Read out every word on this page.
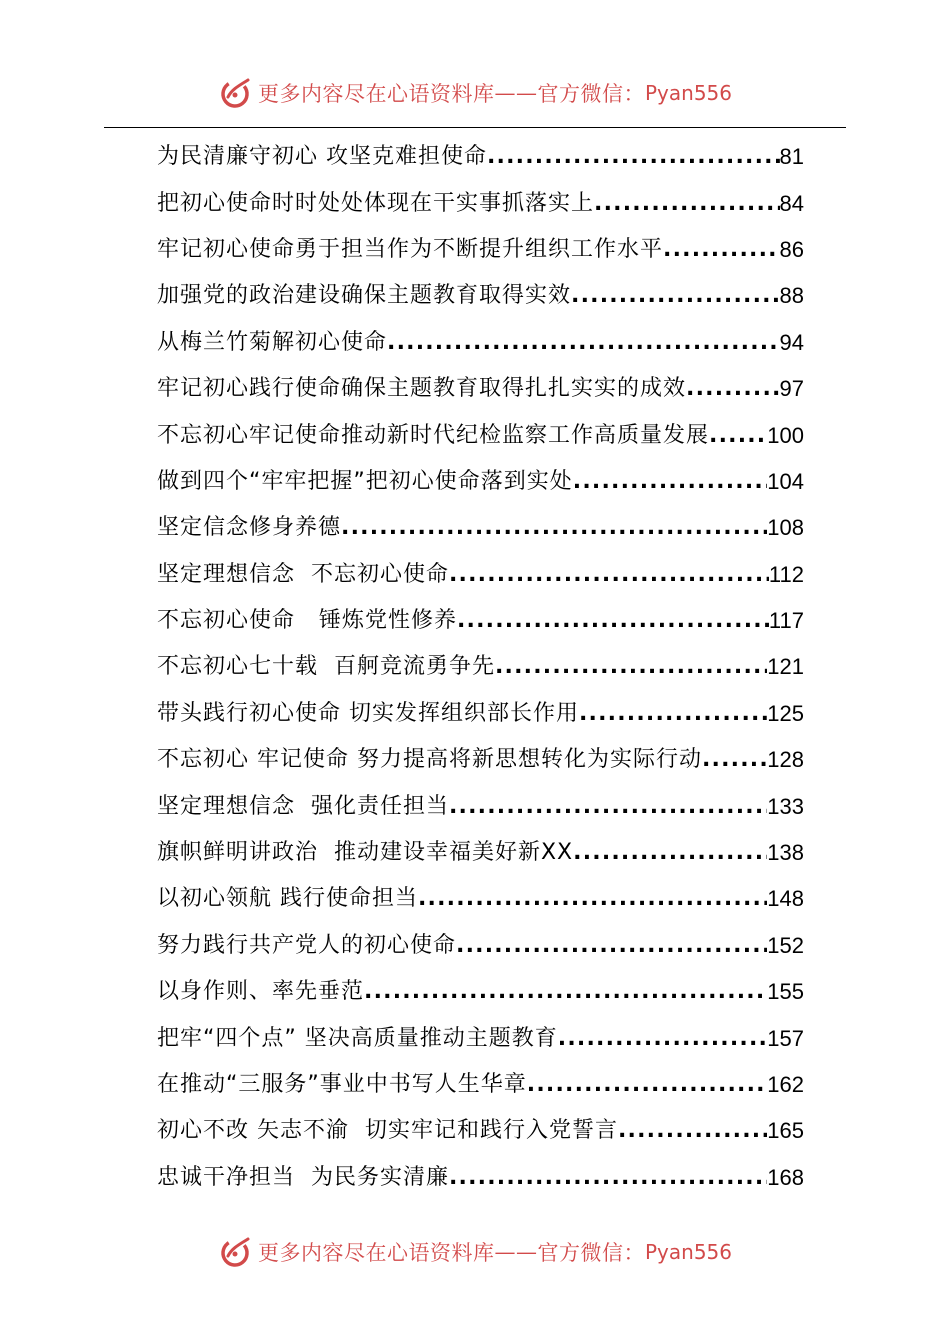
更多内容尽在心语资料库 —— 官方微信： Pyan556
为民清廉守初心 攻坚克难担使命 .....	81
把初心使命时时处处体现在干实事抓落实上 .....	84
牢记初心使命勇于担当作为不断提升组织工作水平 .....	86
加强党的政治建设确保主题教育取得实效 .....	88
从梅兰竹菊解初心使命 .....	94
牢记初心践行使命确保主题教育取得扎扎实实的成效 .....	97
不忘初心牢记使命推动新时代纪检监察工作高质量发展 .....	100
做到四个“牢牢把握”把初心使命落到实处 .....	104
坚定信念修身养德 .....	108
坚定理想信念  不忘初心使命 .....	112
不忘初心使命   锤炼党性修养 .....	117
不忘初心七十载  百舸竞流勇争先 .....	121
带头践行初心使命 切实发挥组织部长作用 .....	125
不忘初心 牢记使命 努力提高将新思想转化为实际行动 .....	128
坚定理想信念  强化责任担当 .....	133
旗帜鲜明讲政治  推动建设幸福美好新XX .....	138
以初心领航 践行使命担当 .....	148
努力践行共产党人的初心使命 .....	152
以身作则、率先垂范 .....	155
把牢“四个点” 坚决高质量推动主题教育 .....	157
在推动“三服务”事业中书写人生华章 .....	162
初心不改 矢志不渝  切实牢记和践行入党誓言 .....	165
忠诚干净担当  为民务实清廉 .....	168
更多内容尽在心语资料库 —— 官方微信： Pyan556
